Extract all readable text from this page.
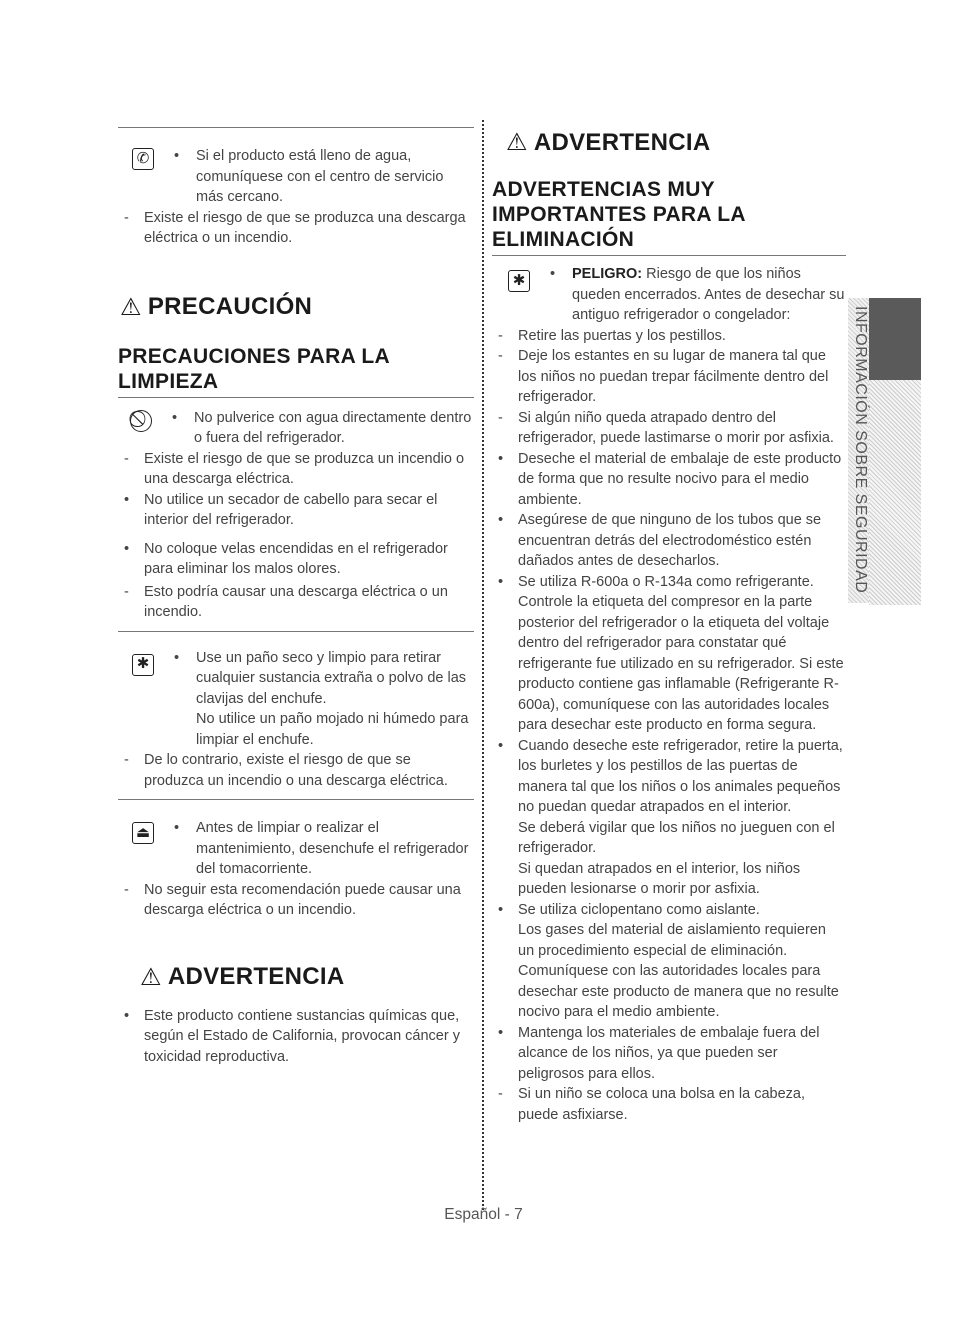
✆	• Si el producto está lleno de agua, comuníquese con el centro de servicio más cercano.
- Existe el riesgo de que se produzca una descarga eléctrica o un incendio.
⚠ PRECAUCIÓN
PRECAUCIONES PARA LA LIMPIEZA
• No pulverice con agua directamente dentro o fuera del refrigerador.
- Existe el riesgo de que se produzca un incendio o una descarga eléctrica.
• No utilice un secador de cabello para secar el interior del refrigerador.
• No coloque velas encendidas en el refrigerador para eliminar los malos olores.
- Esto podría causar una descarga eléctrica o un incendio.
✱	• Use un paño seco y limpio para retirar cualquier sustancia extraña o polvo de las clavijas del enchufe.
No utilice un paño mojado ni húmedo para limpiar el enchufe.
- De lo contrario, existe el riesgo de que se produzca un incendio o una descarga eléctrica.
⏏ • Antes de limpiar o realizar el mantenimiento, desenchufe el refrigerador del tomacorriente.
- No seguir esta recomendación puede causar una descarga eléctrica o un incendio.
⚠ ADVERTENCIA
• Este producto contiene sustancias químicas que, según el Estado de California, provocan cáncer y toxicidad reproductiva.
⚠ ADVERTENCIA
ADVERTENCIAS MUY IMPORTANTES PARA LA ELIMINACIÓN
✱	• PELIGRO: Riesgo de que los niños queden encerrados. Antes de desechar su antiguo refrigerador o congelador:
- Retire las puertas y los pestillos.
- Deje los estantes en su lugar de manera tal que los niños no puedan trepar fácilmente dentro del refrigerador.
- Si algún niño queda atrapado dentro del refrigerador, puede lastimarse o morir por asfixia.
• Deseche el material de embalaje de este producto de forma que no resulte nocivo para el medio ambiente.
• Asegúrese de que ninguno de los tubos que se encuentran detrás del electrodoméstico estén dañados antes de desecharlos.
• Se utiliza R-600a o R-134a como refrigerante. Controle la etiqueta del compresor en la parte posterior del refrigerador o la etiqueta del voltaje dentro del refrigerador para constatar qué refrigerante fue utilizado en su refrigerador. Si este producto contiene gas inflamable (Refrigerante R-600a), comuníquese con las autoridades locales para desechar este producto en forma segura.
• Cuando deseche este refrigerador, retire la puerta, los burletes y los pestillos de las puertas de manera tal que los niños o los animales pequeños no puedan quedar atrapados en el interior.
Se deberá vigilar que los niños no jueguen con el refrigerador.
Si quedan atrapados en el interior, los niños pueden lesionarse o morir por asfixia.
• Se utiliza ciclopentano como aislante.
Los gases del material de aislamiento requieren un procedimiento especial de eliminación. Comuníquese con las autoridades locales para desechar este producto de manera que no resulte nocivo para el medio ambiente.
• Mantenga los materiales de embalaje fuera del alcance de los niños, ya que pueden ser peligrosos para ellos.
- Si un niño se coloca una bolsa en la cabeza, puede asfixiarse.
INFORMACIÓN SOBRE SEGURIDAD
Español - 7
